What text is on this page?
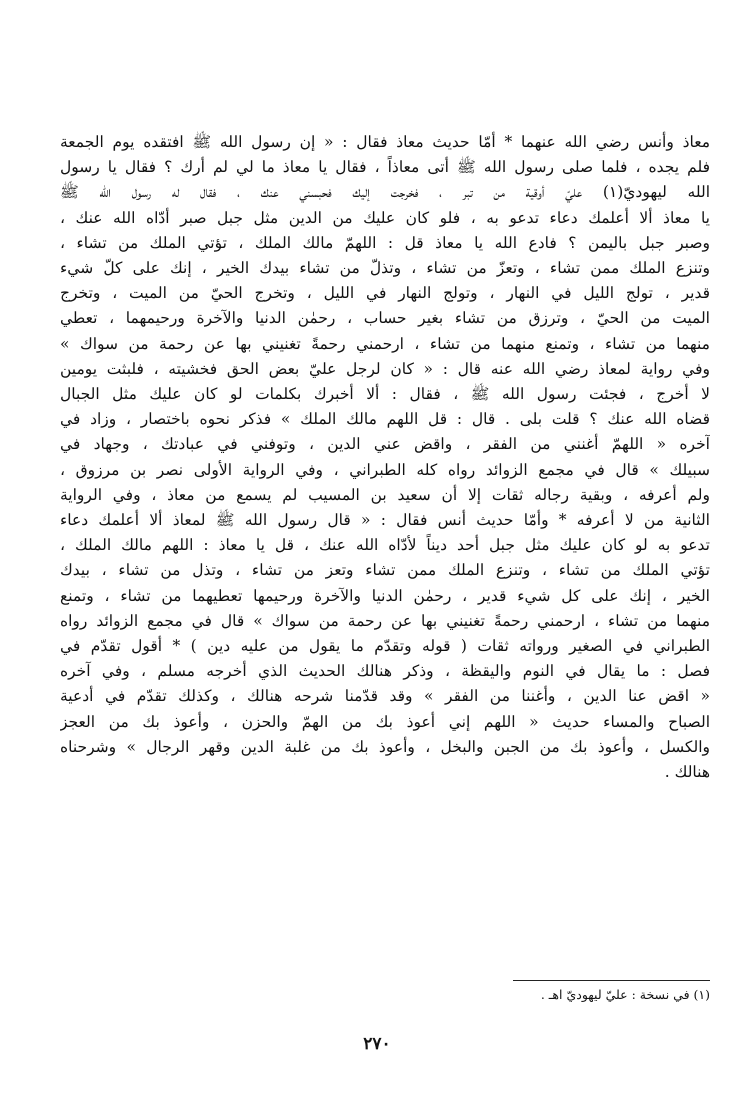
معاذ وأنس رضي الله عنهما * أمّا حديث معاذ فقال : « إن رسول الله ﷺ افتقده يوم الجمعة
فلم يجده ، فلما صلى رسول الله ﷺ أتى معاذاً ، فقال يا معاذ ما لي لم أرك ؟ فقال يا رسول
الله ليهوديّ(١) عليّ أوقية من تبر ، فخرجت إليك فحبسني عنك ، فقال له رسول الله ﷺ
يا معاذ ألا أعلمك دعاء تدعو به ، فلو كان عليك من الدين مثل جبل صبر أدّاه الله عنك ،
وصبر جبل باليمن ؟ فادع الله يا معاذ قل : اللهمّ مالك الملك ، تؤتي الملك من تشاء ،
وتنزع الملك ممن تشاء ، وتعزّ من تشاء ، وتذلّ من تشاء بيدك الخير ، إنك على كلّ شيء
قدير ، تولج الليل في النهار ، وتولج النهار في الليل ، وتخرج الحيّ من الميت ، وتخرج
الميت من الحيّ ، وترزق من تشاء بغير حساب ، رحمٰن الدنيا والآخرة ورحيمهما ، تعطي
منهما من تشاء ، وتمنع منهما من تشاء ، ارحمني رحمةً تغنيني بها عن رحمة من سواك »
وفي رواية لمعاذ رضي الله عنه قال : « كان لرجل عليّ بعض الحق فخشيته ، فلبثت يومين
لا أخرج ، فجئت رسول الله ﷺ ، فقال : ألا أخبرك بكلمات لو كان عليك مثل الجبال
قضاه الله عنك ؟ قلت بلى . قال : قل اللهم مالك الملك » فذكر نحوه باختصار ، وزاد في
آخره « اللهمّ أغنني من الفقر ، واقض عني الدين ، وتوفني في عبادتك ، وجهاد في
سبيلك » قال في مجمع الزوائد رواه كله الطبراني ، وفي الرواية الأولى نصر بن مرزوق ،
ولم أعرفه ، وبقية رجاله ثقات إلا أن سعيد بن المسيب لم يسمع من معاذ ، وفي الرواية
الثانية من لا أعرفه * وأمّا حديث أنس فقال : « قال رسول الله ﷺ لمعاذ ألا أعلمك دعاء
تدعو به لو كان عليك مثل جبل أحد ديناً لأدّاه الله عنك ، قل يا معاذ : اللهم مالك الملك ،
تؤتي الملك من تشاء ، وتنزع الملك ممن تشاء وتعز من تشاء ، وتذل من تشاء ، بيدك
الخير ، إنك على كل شيء قدير ، رحمٰن الدنيا والآخرة ورحيمها تعطيهما من تشاء ، وتمنع
منهما من تشاء ، ارحمني رحمةً تغنيني بها عن رحمة من سواك » قال في مجمع الزوائد رواه
الطبراني في الصغير ورواته ثقات ( قوله وتقدّم ما يقول من عليه دين ) * أقول تقدّم في
فصل : ما يقال في النوم واليقظة ، وذكر هنالك الحديث الذي أخرجه مسلم ، وفي آخره
« اقض عنا الدين ، وأغننا من الفقر » وقد قدّمنا شرحه هنالك ، وكذلك تقدّم في أدعية
الصباح والمساء حديث « اللهم إني أعوذ بك من الهمّ والحزن ، وأعوذ بك من العجز
والكسل ، وأعوذ بك من الجبن والبخل ، وأعوذ بك من غلبة الدين وقهر الرجال » وشرحناه
هنالك .
(١) في نسخة : عليّ ليهوديّ اهـ .
٢٧٠
